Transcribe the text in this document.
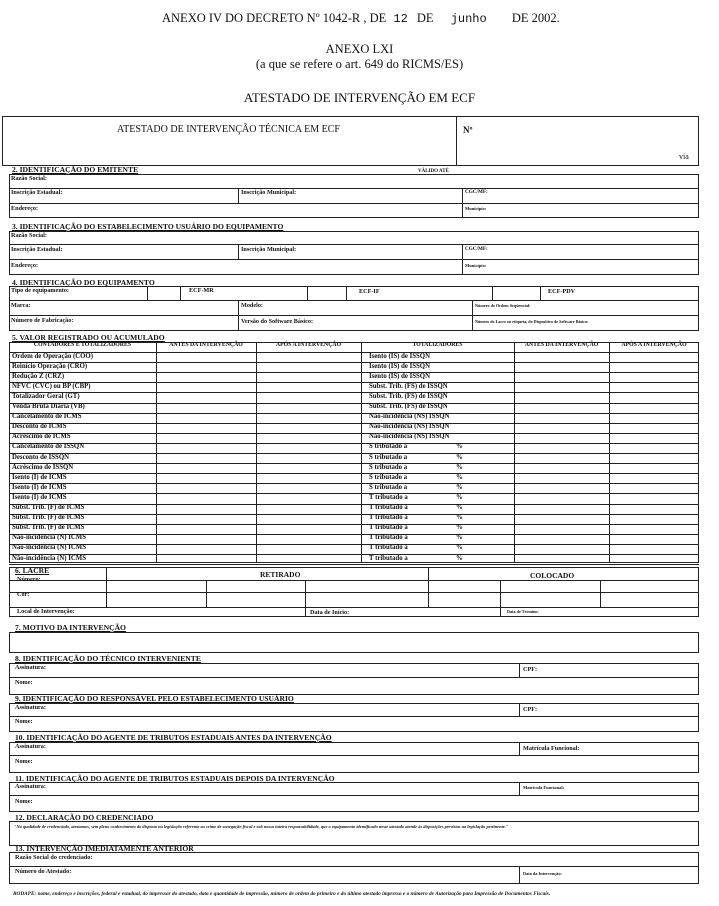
ANEXO IV DO DECRETO Nº 1042-R , DE 12 DE junho DE 2002.
ANEXO LXI
(a que se refere o art. 649 do RICMS/ES)
ATESTADO DE INTERVENÇÃO EM ECF
ATESTADO DE INTERVENÇÃO TÉCNICA EM ECF	Nº
via
2. IDENTIFICAÇÃO DO EMITENTE	VÁLIDO ATÉ
Razão Social:
Inscrição Estadual:	Inscrição Municipal:	CGC/MF:
Endereço:	Município:
3. IDENTIFICAÇÃO DO ESTABELECIMENTO USUÁRIO DO EQUIPAMENTO
Razão Social:
Inscrição Estadual:	Inscrição Municipal:	CGC/MF:
Endereço:	Município:
4. IDENTIFICAÇÃO DO EQUIPAMENTO
Tipo de equipamento:	ECF-MR	ECF-IF	ECF-PDV
Marca:	Modelo:	Número de Ordem Seqüencial:
Número de Fabricação:	Versão do Software Básico:	Número do Lacre ou etiqueta, do Dispositivo de Software Básico:
5. VALOR REGISTRADO OU ACUMULADO
CONTADORES E TOTALIZADORES	ANTES DA INTERVENÇÃO	APÓS A INTERVENÇÃO	TOTALIZADORES	ANTES DA INTERVENÇÃO	APÓS A INTERVENÇÃO
Ordem de Operação (COO)	Isento (IS) de ISSQN
Reinício Operação (CRO)	Isento (IS) de ISSQN
Redução Z (CRZ)	Isento (IS) de ISSQN
NFVC (CVC) ou BP (CBP)	Subst. Trib. (FS) de ISSQN
Totalizador Geral (GT)	Subst. Trib. (FS) de ISSQN
Venda Bruta Diária (VB)	Subst. Trib. (FS) de ISSQN
Cancelamento de ICMS	Não-incidência (NS) ISSQN
Desconto de ICMS	Não-incidência (NS) ISSQN
Acréscimo de ICMS	Não-incidência (NS) ISSQN
Cancelamento de ISSQN	S tributado a	%
Desconto de ISSQN	S tributado a	%
Acréscimo de ISSQN	S tributado a	%
Isento (I) de ICMS	S tributado a	%
Isento (I) de ICMS	S tributado a	%
Isento (I) de ICMS	T tributado a	%
Subst. Trib. (F) de ICMS	T tributado a	%
Subst. Trib. (F) de ICMS	T tributado a	%
Subst. Trib. (F) de ICMS	T tributado a	%
Não-incidência (N) ICMS	T tributado a	%
Não-incidência (N) ICMS	T tributado a	%
Não-incidência (N) ICMS	T tributado a	%
6. LACRE	RETIRADO	COLOCADO
Número:
Cor:
Local de Intervenção:	Data de Início:	Data de Término:
7. MOTIVO DA INTERVENÇÃO
8. IDENTIFICAÇÃO DO TÉCNICO INTERVENIENTE
Assinatura:	CPF:
Nome:
9. IDENTIFICAÇÃO DO RESPONSÁVEL PELO ESTABELECIMENTO USUÁRIO
Assinatura:	CPF:
Nome:
10. IDENTIFICAÇÃO DO AGENTE DE TRIBUTOS ESTADUAIS ANTES DA INTERVENÇÃO
Assinatura:	Matrícula Funcional:
Nome:
11. IDENTIFICAÇÃO DO AGENTE DE TRIBUTOS ESTADUAIS DEPOIS DA INTERVENÇÃO
Assinatura:	Matrícula Funcional:
Nome:
12. DECLARAÇÃO DO CREDENCIADO
"Na qualidade de credenciado, atestamos, sem pleno conhecimento do disposto na legislação referente ao crime de sonegação fiscal e sob nossa inteira responsabilidade, que o equipamento identificado neste atestado atende às disposições previstas na legislação pertinente."
13. INTERVENÇÃO IMEDIATAMENTE ANTERIOR
Razão Social do credenciado:
Número do Atestado:	Data da Intervenção:
RODAPÉ: nome, endereço e inscrições, federal e estadual, do impressor do atestado, data e quantidade de impressão, número de ordem do primeiro e do último atestado impresso e o número de Autorização para Impressão de Documentos Fiscais.
